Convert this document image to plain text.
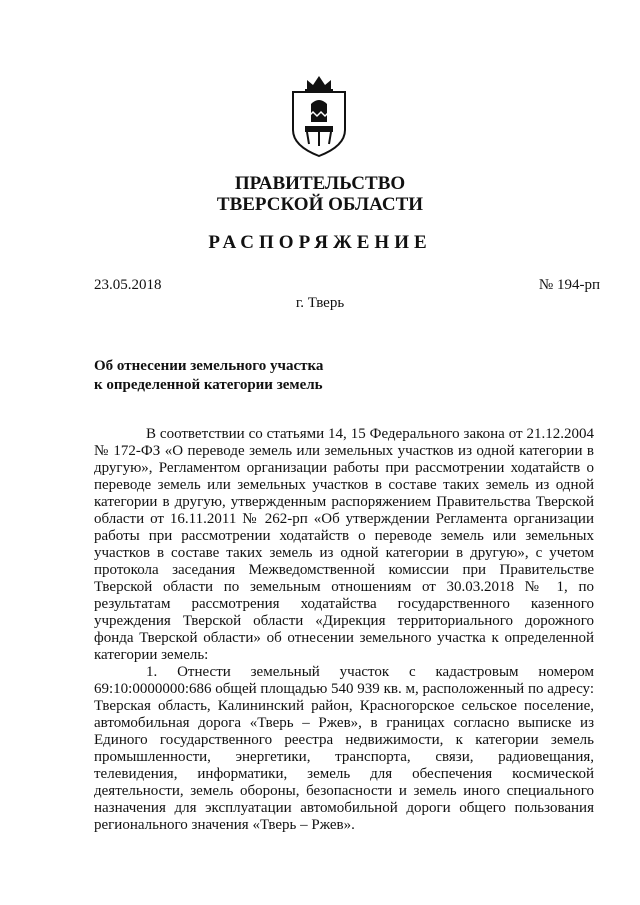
ПРАВИТЕЛЬСТВО
ТВЕРСКОЙ ОБЛАСТИ
РАСПОРЯЖЕНИЕ
23.05.2018	№ 194-рп
г. Тверь
Об отнесении земельного участка
к определенной категории земель

В соответствии со статьями 14, 15 Федерального закона от 21.12.2004 № 172-ФЗ «О переводе земель или земельных участков из одной категории в другую», Регламентом организации работы при рассмотрении ходатайств о переводе земель или земельных участков в составе таких земель из одной категории в другую, утвержденным распоряжением Правительства Тверской области от 16.11.2011 № 262-рп «Об утверждении Регламента организации работы при рассмотрении ходатайств о переводе земель или земельных участков в составе таких земель из одной категории в другую», с учетом протокола заседания Межведомственной комиссии при Правительстве Тверской области по земельным отношениям от 30.03.2018 № 1, по результатам рассмотрения ходатайства государственного казенного учреждения Тверской области «Дирекция территориального дорожного фонда Тверской области» об отнесении земельного участка к определенной категории земель:

1. Отнести земельный участок с кадастровым номером 69:10:0000000:686 общей площадью 540 939 кв. м, расположенный по адресу: Тверская область, Калининский район, Красногорское сельское поселение, автомобильная дорога «Тверь – Ржев», в границах согласно выписке из Единого государственного реестра недвижимости, к категории земель промышленности, энергетики, транспорта, связи, радиовещания, телевидения, информатики, земель для обеспечения космической деятельности, земель обороны, безопасности и земель иного специального назначения для эксплуатации автомобильной дороги общего пользования регионального значения «Тверь – Ржев».
